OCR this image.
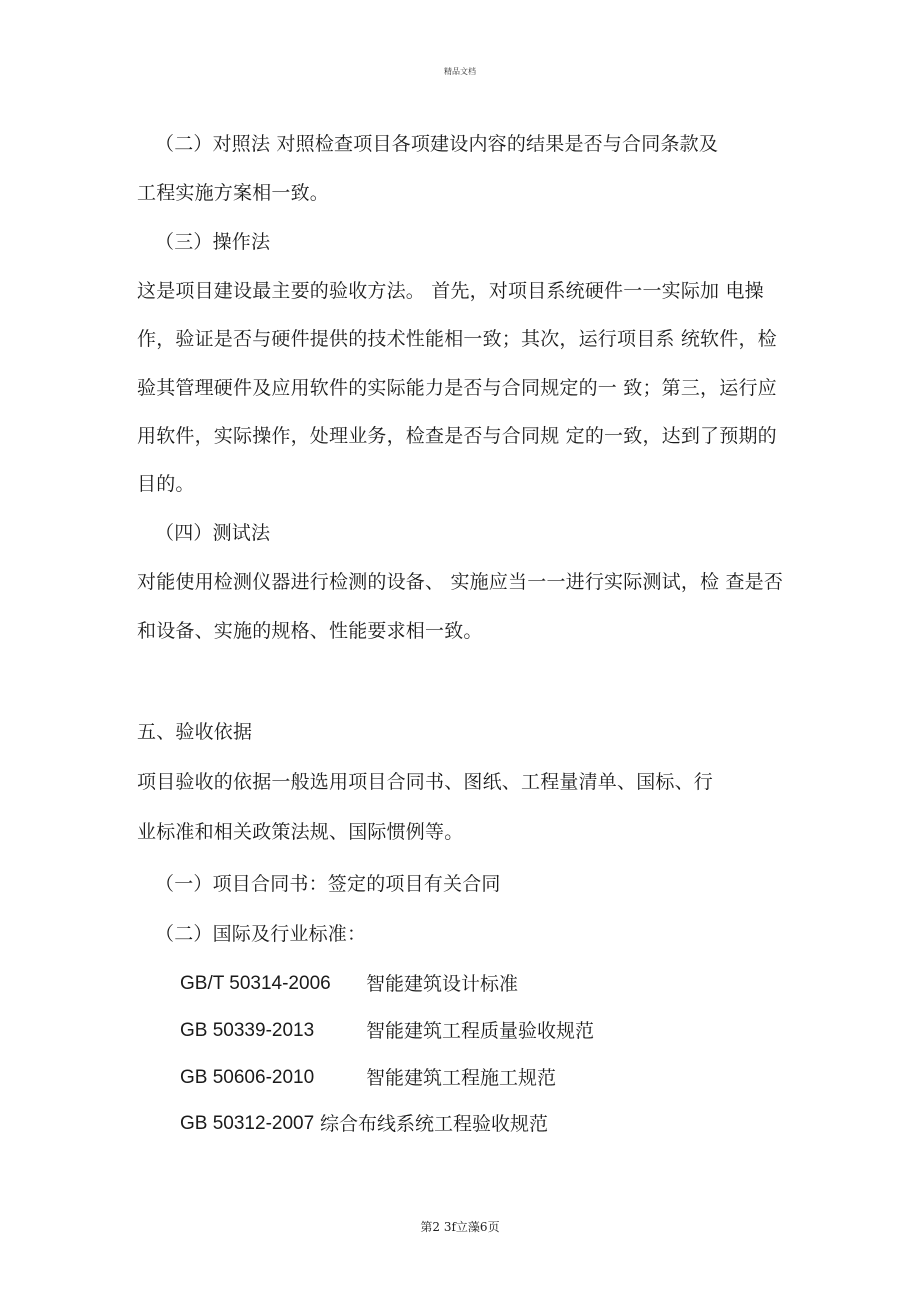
精品文档
（二）对照法 对照检查项目各项建设内容的结果是否与合同条款及
工程实施方案相一致。
（三）操作法
这是项目建设最主要的验收方法。 首先，对项目系统硬件一一实际加 电操
作，验证是否与硬件提供的技术性能相一致；其次，运行项目系 统软件，检
验其管理硬件及应用软件的实际能力是否与合同规定的一 致；第三，运行应
用软件，实际操作，处理业务，检查是否与合同规 定的一致，达到了预期的
目的。
（四）测试法
对能使用检测仪器进行检测的设备、 实施应当一一进行实际测试，检 查是否
和设备、实施的规格、性能要求相一致。
五、验收依据
项目验收的依据一般选用项目合同书、图纸、工程量清单、国标、行
业标准和相关政策法规、国际惯例等。
（一）项目合同书：签定的项目有关合同
（二）国际及行业标准：
GB/T 50314-2006 智能建筑设计标准
GB 50339-2013	智能建筑工程质量验收规范
GB 50606-2010	智能建筑工程施工规范
GB 50312-2007 综合布线系统工程验收规范
第2 3f立藻6页
